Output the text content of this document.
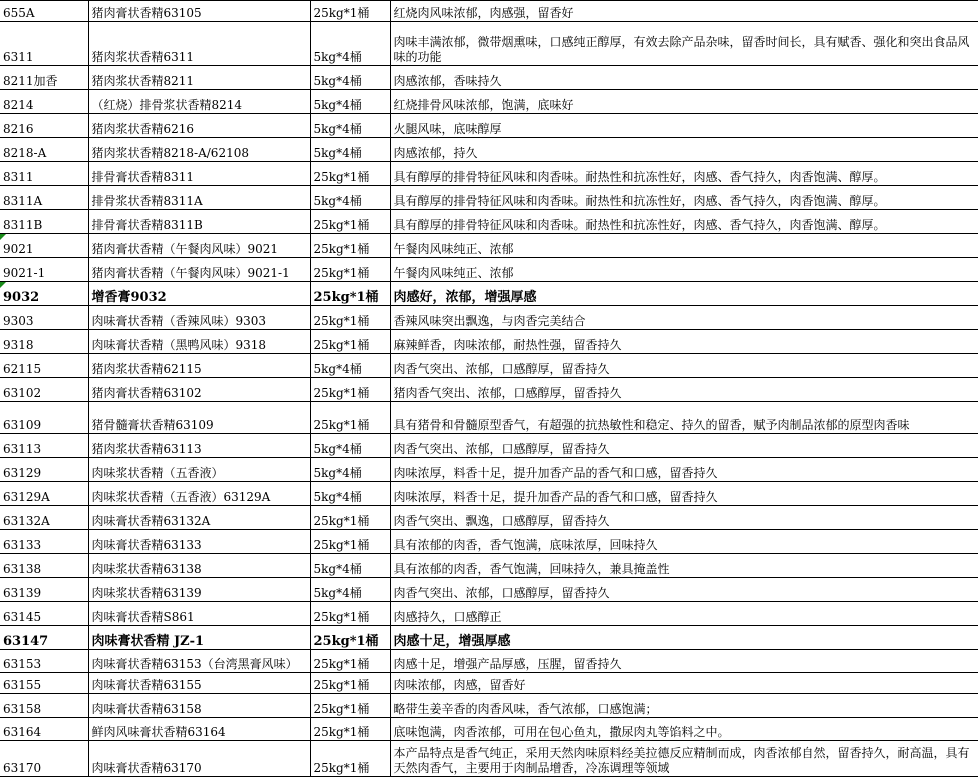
655A	猪肉膏状香精63105	25kg*1桶	红烧肉风味浓郁，肉感强，留香好
6311	猪肉浆状香精6311	5kg*4桶	肉味丰满浓郁，微带烟熏味，口感纯正醇厚，有效去除产品杂味，留香时间长，具有赋香、强化和突出食品风味的功能
8211加香	猪肉浆状香精8211	5kg*4桶	肉感浓郁，香味持久
8214	（红烧）排骨浆状香精8214	5kg*4桶	红烧排骨风味浓郁，饱满，底味好
8216	猪肉浆状香精6216	5kg*4桶	火腿风味，底味醇厚
8218-A	猪肉浆状香精8218-A/62108	5kg*4桶	肉感浓郁，持久
8311	排骨膏状香精8311	25kg*1桶	具有醇厚的排骨特征风味和肉香味。耐热性和抗冻性好，肉感、香气持久，肉香饱满、醇厚。
8311A	排骨浆状香精8311A	5kg*4桶	具有醇厚的排骨特征风味和肉香味。耐热性和抗冻性好，肉感、香气持久，肉香饱满、醇厚。
8311B	排骨膏状香精8311B	25kg*1桶	具有醇厚的排骨特征风味和肉香味。耐热性和抗冻性好，肉感、香气持久，肉香饱满、醇厚。
9021	猪肉膏状香精（午餐肉风味）9021	25kg*1桶	午餐肉风味纯正、浓郁
9021-1	猪肉膏状香精（午餐肉风味）9021-1	25kg*1桶	午餐肉风味纯正、浓郁
9032	增香膏9032	25kg*1桶	肉感好，浓郁，增强厚感
9303	肉味膏状香精（香辣风味）9303	25kg*1桶	香辣风味突出飘逸，与肉香完美结合
9318	肉味膏状香精（黑鸭风味）9318	25kg*1桶	麻辣鲜香，肉味浓郁，耐热性强，留香持久
62115	猪肉浆状香精62115	5kg*4桶	肉香气突出、浓郁，口感醇厚，留香持久
63102	猪肉膏状香精63102	25kg*1桶	猪肉香气突出、浓郁，口感醇厚，留香持久
63109	猪骨髓膏状香精63109	25kg*1桶	具有猪骨和骨髓原型香气，有超强的抗热敏性和稳定、持久的留香，赋予肉制品浓郁的原型肉香味
63113	猪肉浆状香精63113	5kg*4桶	肉香气突出、浓郁，口感醇厚，留香持久
63129	肉味浆状香精（五香液）	5kg*4桶	肉味浓厚，料香十足，提升加香产品的香气和口感，留香持久
63129A	肉味浆状香精（五香液）63129A	5kg*4桶	肉味浓厚，料香十足，提升加香产品的香气和口感，留香持久
63132A	肉味膏状香精63132A	25kg*1桶	肉香气突出、飘逸，口感醇厚，留香持久
63133	肉味膏状香精63133	25kg*1桶	具有浓郁的肉香，香气饱满，底味浓厚，回味持久
63138	肉味浆状香精63138	5kg*4桶	具有浓郁的肉香，香气饱满，回味持久，兼具掩盖性
63139	肉味浆状香精63139	5kg*4桶	肉香气突出、浓郁，口感醇厚，留香持久
63145	肉味膏状香精S861	25kg*1桶	肉感持久，口感醇正
63147	肉味膏状香精 JZ-1	25kg*1桶	肉感十足，增强厚感
63153	肉味膏状香精63153（台湾黑膏风味）	25kg*1桶	肉感十足，增强产品厚感，压腥，留香持久
63155	肉味膏状香精63155	25kg*1桶	肉味浓郁，肉感，留香好
63158	肉味膏状香精63158	25kg*1桶	略带生姜辛香的肉香风味，香气浓郁，口感饱满；
63164	鲜肉风味膏状香精63164	25kg*1桶	底味饱满，肉香浓郁，可用在包心鱼丸，撒尿肉丸等馅料之中。
63170	肉味膏状香精63170	25kg*1桶	本产品特点是香气纯正，采用天然肉味原料经美拉德反应精制而成，肉香浓郁自然，留香持久，耐高温，具有天然肉香气，主要用于肉制品增香，冷冻调理等领域
